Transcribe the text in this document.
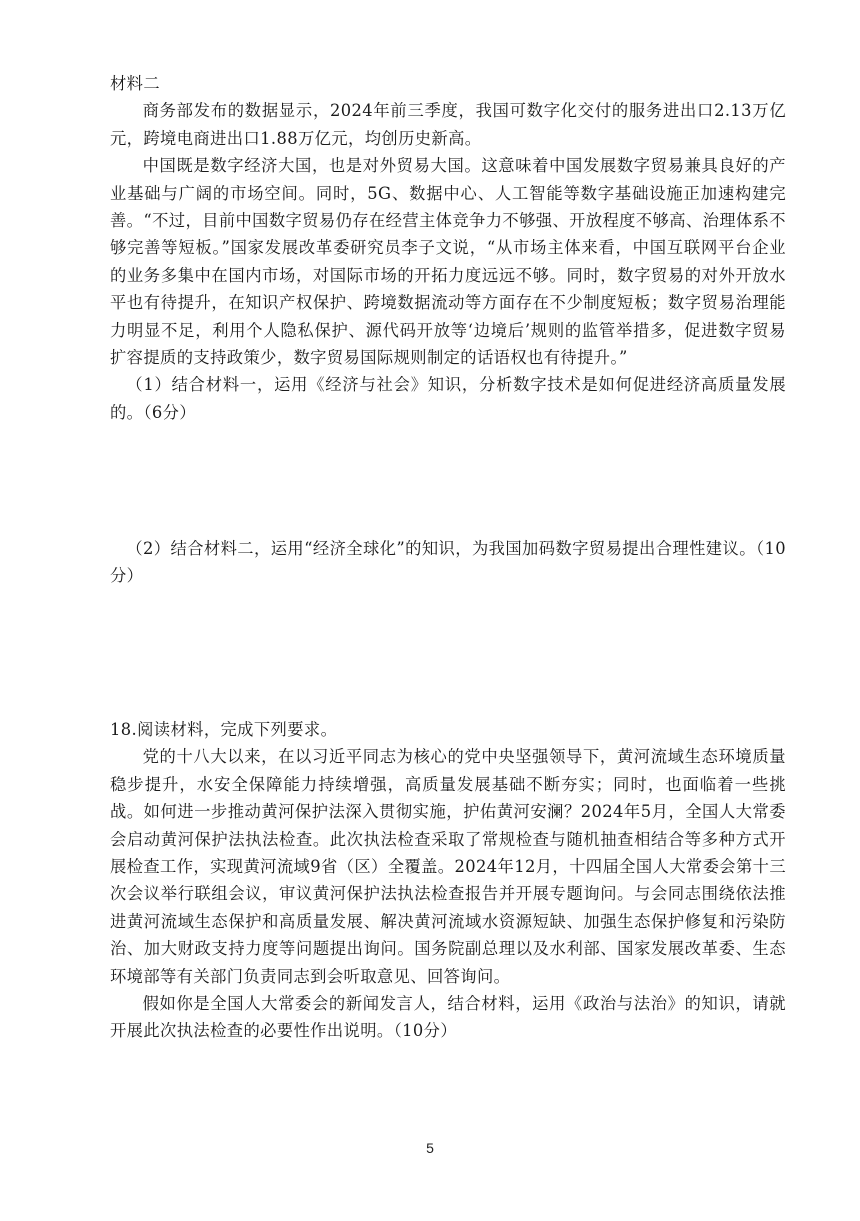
材料二

商务部发布的数据显示，2024年前三季度，我国可数字化交付的服务进出口2.13万亿元，跨境电商进出口1.88万亿元，均创历史新高。

中国既是数字经济大国，也是对外贸易大国。这意味着中国发展数字贸易兼具良好的产业基础与广阔的市场空间。同时，5G、数据中心、人工智能等数字基础设施正加速构建完善。“不过，目前中国数字贸易仍存在经营主体竞争力不够强、开放程度不够高、治理体系不够完善等短板。”国家发展改革委研究员李子文说，“从市场主体来看，中国互联网平台企业的业务多集中在国内市场，对国际市场的开拓力度远远不够。同时，数字贸易的对外开放水平也有待提升，在知识产权保护、跨境数据流动等方面存在不少制度短板；数字贸易治理能力明显不足，利用个人隐私保护、源代码开放等‘边境后’规则的监管举措多，促进数字贸易扩容提质的支持政策少，数字贸易国际规则制定的话语权也有待提升。”

（1）结合材料一，运用《经济与社会》知识，分析数字技术是如何促进经济高质量发展的。（6分）

（2）结合材料二，运用“经济全球化”的知识，为我国加码数字贸易提出合理性建议。（10分）

18.阅读材料，完成下列要求。

党的十八大以来，在以习近平同志为核心的党中央坚强领导下，黄河流域生态环境质量稳步提升，水安全保障能力持续增强，高质量发展基础不断夯实；同时，也面临着一些挑战。如何进一步推动黄河保护法深入贯彻实施，护佑黄河安澜？2024年5月，全国人大常委会启动黄河保护法执法检查。此次执法检查采取了常规检查与随机抽查相结合等多种方式开展检查工作，实现黄河流域9省（区）全覆盖。2024年12月，十四届全国人大常委会第十三次会议举行联组会议，审议黄河保护法执法检查报告并开展专题询问。与会同志围绕依法推进黄河流域生态保护和高质量发展、解决黄河流域水资源短缺、加强生态保护修复和污染防治、加大财政支持力度等问题提出询问。国务院副总理以及水利部、国家发展改革委、生态环境部等有关部门负责同志到会听取意见、回答询问。

假如你是全国人大常委会的新闻发言人，结合材料，运用《政治与法治》的知识，请就开展此次执法检查的必要性作出说明。（10分）

5
